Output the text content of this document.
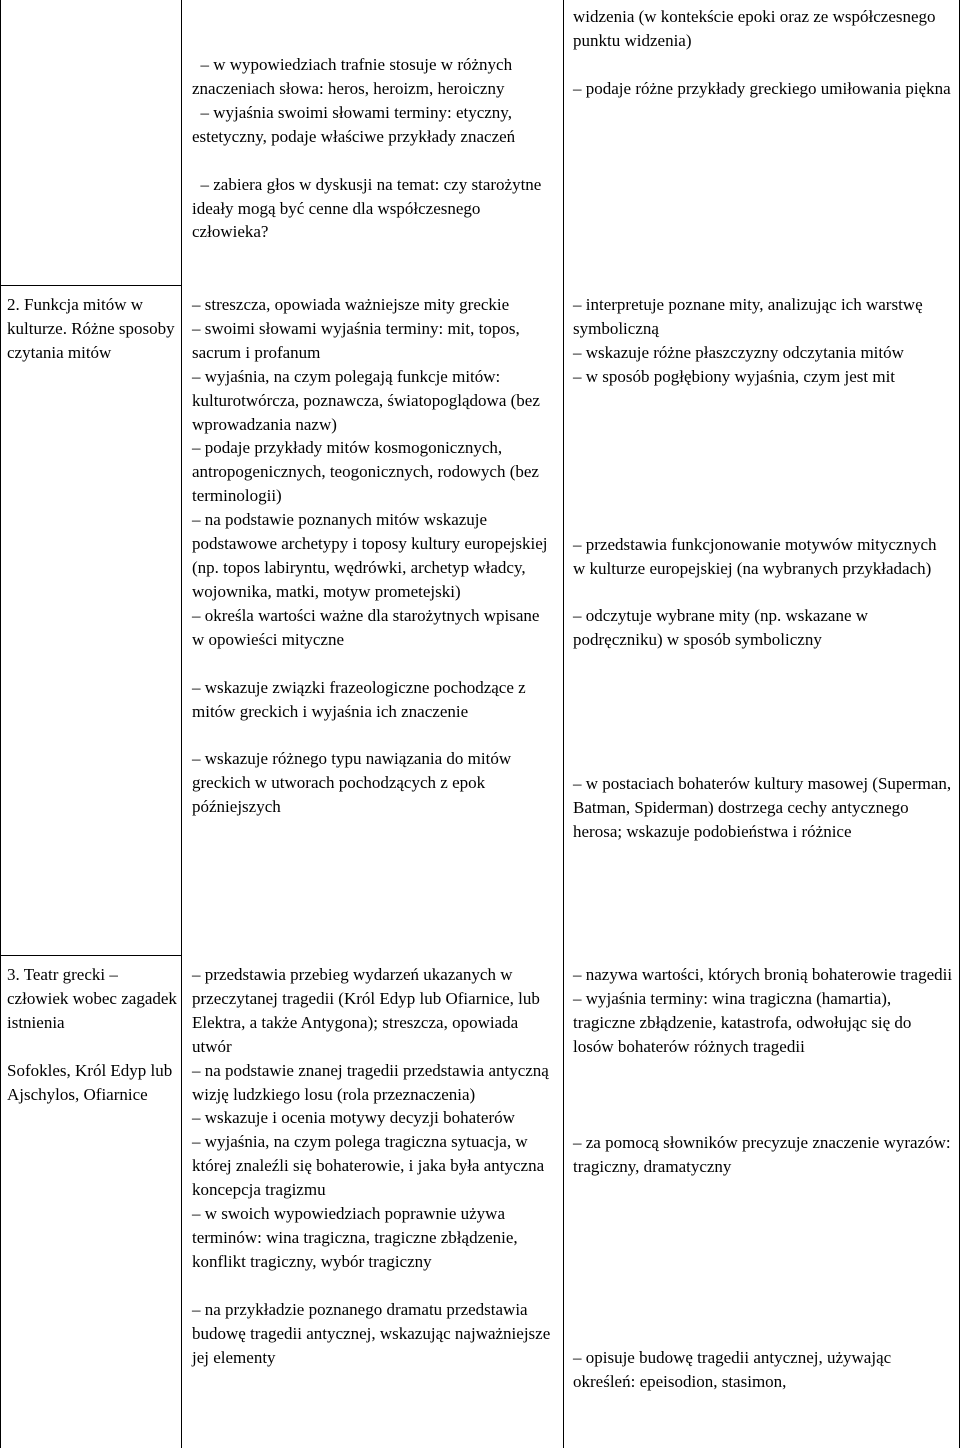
– w wypowiedziach trafnie stosuje w różnych znaczeniach słowa: heros, heroizm, heroiczny

– wyjaśnia swoimi słowami terminy: etyczny, estetyczny, podaje właściwe przykłady znaczeń

– zabiera głos w dyskusji na temat: czy starożytne ideały mogą być cenne dla współczesnego człowieka?

widzenia (w kontekście epoki oraz ze współczesnego punktu widzenia)

– podaje różne przykłady greckiego umiłowania piękna

2. Funkcja mitów w kulturze. Różne sposoby czytania mitów

– streszcza, opowiada ważniejsze mity greckie

– swoimi słowami wyjaśnia terminy: mit, topos, sacrum i profanum

– wyjaśnia, na czym polegają funkcje mitów: kulturotwórcza, poznawcza, światopoglądowa (bez wprowadzania nazw)

– podaje przykłady mitów kosmogonicznych, antropogenicznych, teogonicznych, rodowych (bez terminologii)

– na podstawie poznanych mitów wskazuje podstawowe archetypy i toposy kultury europejskiej (np. topos labiryntu, wędrówki, archetyp władcy, wojownika, matki, motyw prometejski)

– określa wartości ważne dla starożytnych wpisane w opowieści mityczne

– wskazuje związki frazeologiczne pochodzące z mitów greckich i wyjaśnia ich znaczenie

– wskazuje różnego typu nawiązania do mitów greckich w utworach pochodzących z epok późniejszych

– interpretuje poznane mity, analizując ich warstwę symboliczną

– wskazuje różne płaszczyzny odczytania mitów

– w sposób pogłębiony wyjaśnia, czym jest mit

– przedstawia funkcjonowanie motywów mitycznych w kulturze europejskiej (na wybranych przykładach)

– odczytuje wybrane mity (np. wskazane w podręczniku) w sposób symboliczny

– w postaciach bohaterów kultury masowej (Superman, Batman, Spiderman) dostrzega cechy antycznego herosa; wskazuje podobieństwa i różnice

3. Teatr grecki – człowiek wobec zagadek istnienia

Sofokles, Król Edyp lub Ajschylos, Ofiarnice

– przedstawia przebieg wydarzeń ukazanych w przeczytanej tragedii (Król Edyp lub Ofiarnice, lub Elektra, a także Antygona); streszcza, opowiada utwór

– na podstawie znanej tragedii przedstawia antyczną wizję ludzkiego losu (rola przeznaczenia)

– wskazuje i ocenia motywy decyzji bohaterów

– wyjaśnia, na czym polega tragiczna sytuacja, w której znaleźli się bohaterowie, i jaka była antyczna koncepcja tragizmu

– w swoich wypowiedziach poprawnie używa terminów: wina tragiczna, tragiczne zbłądzenie, konflikt tragiczny, wybór tragiczny

– na przykładzie poznanego dramatu przedstawia budowę tragedii antycznej, wskazując najważniejsze jej elementy

– nazywa wartości, których bronią bohaterowie tragedii

– wyjaśnia terminy: wina tragiczna (hamartia), tragiczne zbłądzenie, katastrofa, odwołując się do losów bohaterów różnych tragedii

– za pomocą słowników precyzuje znaczenie wyrazów: tragiczny, dramatyczny

– opisuje budowę tragedii antycznej, używając określeń: epeisodion, stasimon,
